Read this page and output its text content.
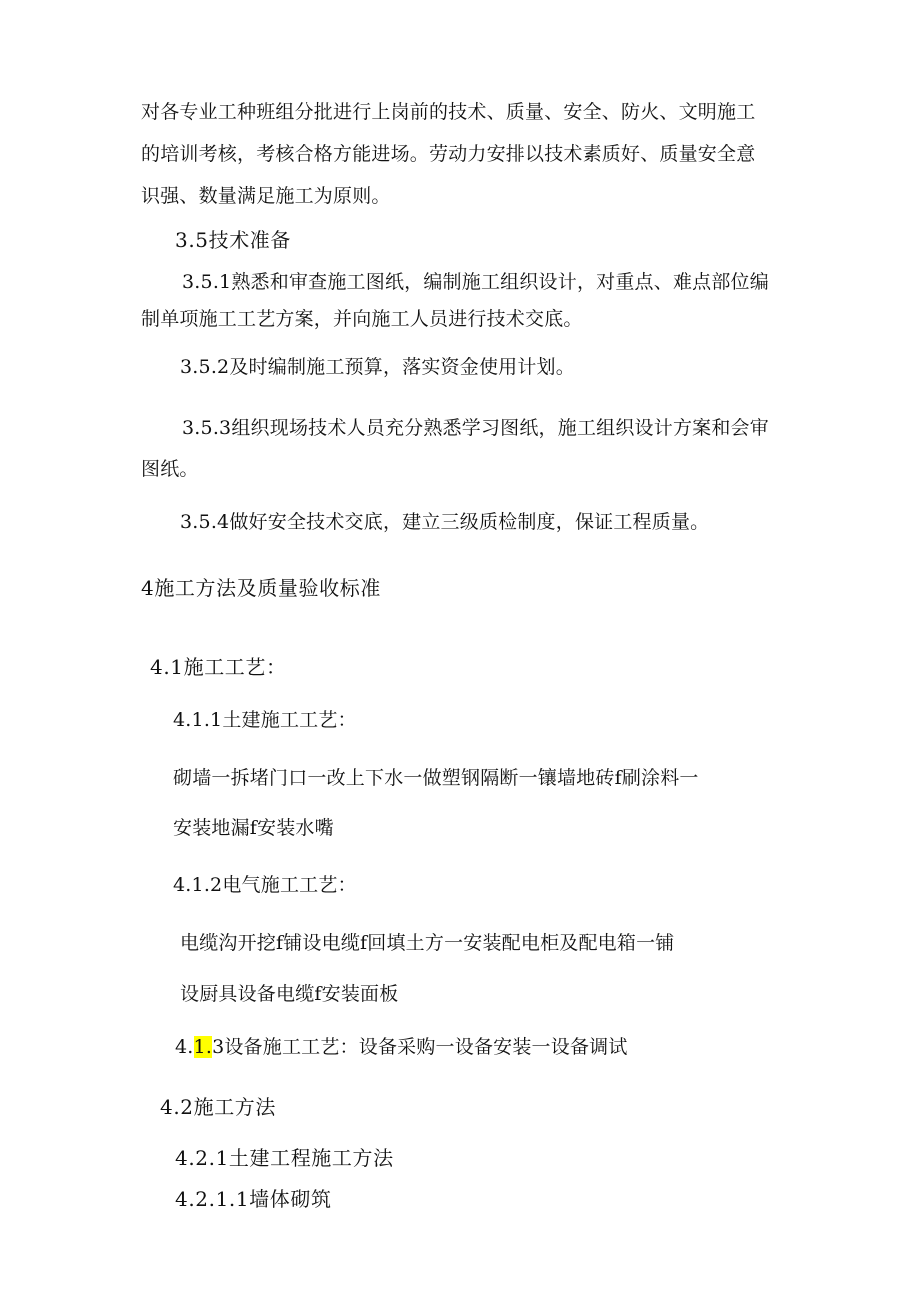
对各专业工种班组分批进行上岗前的技术、质量、安全、防火、文明施工
的培训考核，考核合格方能进场。劳动力安排以技术素质好、质量安全意
识强、数量满足施工为原则。
3.5技术准备
3.5.1熟悉和审查施工图纸，编制施工组织设计，对重点、难点部位编
制单项施工工艺方案，并向施工人员进行技术交底。
3.5.2及时编制施工预算，落实资金使用计划。
3.5.3组织现场技术人员充分熟悉学习图纸，施工组织设计方案和会审
图纸。
3.5.4做好安全技术交底，建立三级质检制度，保证工程质量。
4施工方法及质量验收标准
4.1施工工艺：
4.1.1土建施工工艺：
砌墙一拆堵门口一改上下水一做塑钢隔断一镶墙地砖f刷涂料一
安装地漏f安装水嘴
4.1.2电气施工工艺：
电缆沟开挖f铺设电缆f回填土方一安装配电柜及配电箱一铺
设厨具设备电缆f安装面板
4.1.3设备施工工艺：设备采购一设备安装一设备调试
4.2施工方法
4.2.1土建工程施工方法
4.2.1.1墙体砌筑
